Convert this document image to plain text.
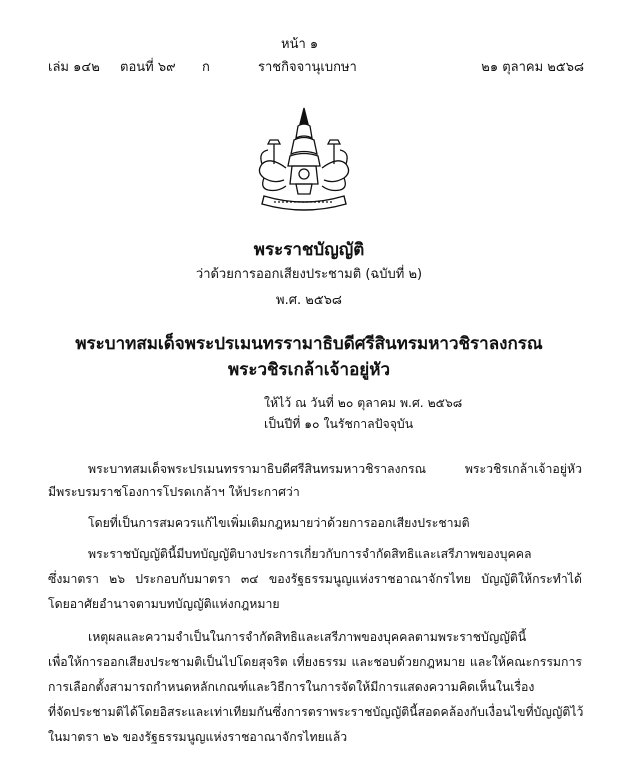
หน้า ๑
เล่ม ๑๔๒ ตอนที่ ๖๙ ก	ราชกิจจานุเบกษา	๒๑ ตุลาคม ๒๕๖๘
พระราชบัญญัติ
ว่าด้วยการออกเสียงประชามติ (ฉบับที่ ๒)
พ.ศ. ๒๕๖๘
พระบาทสมเด็จพระปรเมนทรรามาธิบดีศรีสินทรมหาวชิราลงกรณ
พระวชิรเกล้าเจ้าอยู่หัว
ให้ไว้ ณ วันที่ ๒๐ ตุลาคม พ.ศ. ๒๕๖๘
เป็นปีที่ ๑๐ ในรัชกาลปัจจุบัน
พระบาทสมเด็จพระปรเมนทรรามาธิบดีศรีสินทรมหาวชิราลงกรณ	พระวชิรเกล้าเจ้าอยู่หัว
มีพระบรมราชโองการโปรดเกล้าฯ ให้ประกาศว่า
โดยที่เป็นการสมควรแก้ไขเพิ่มเติมกฎหมายว่าด้วยการออกเสียงประชามติ
พระราชบัญญัตินี้มีบทบัญญัติบางประการเกี่ยวกับการจำกัดสิทธิและเสรีภาพของบุคคล
ซึ่งมาตรา ๒๖ ประกอบกับมาตรา ๓๔ ของรัฐธรรมนูญแห่งราชอาณาจักรไทย บัญญัติให้กระทำได้
โดยอาศัยอำนาจตามบทบัญญัติแห่งกฎหมาย
เหตุผลและความจำเป็นในการจำกัดสิทธิและเสรีภาพของบุคคลตามพระราชบัญญัตินี้
เพื่อให้การออกเสียงประชามติเป็นไปโดยสุจริต เที่ยงธรรม และชอบด้วยกฎหมาย และให้คณะกรรมการ
การเลือกตั้งสามารถกำหนดหลักเกณฑ์และวิธีการในการจัดให้มีการแสดงความคิดเห็นในเรื่อง
ที่จัดประชามติได้โดยอิสระและเท่าเทียมกัน ซึ่งการตราพระราชบัญญัตินี้สอดคล้องกับเงื่อนไขที่บัญญัติไว้
ในมาตรา ๒๖ ของรัฐธรรมนูญแห่งราชอาณาจักรไทยแล้ว
